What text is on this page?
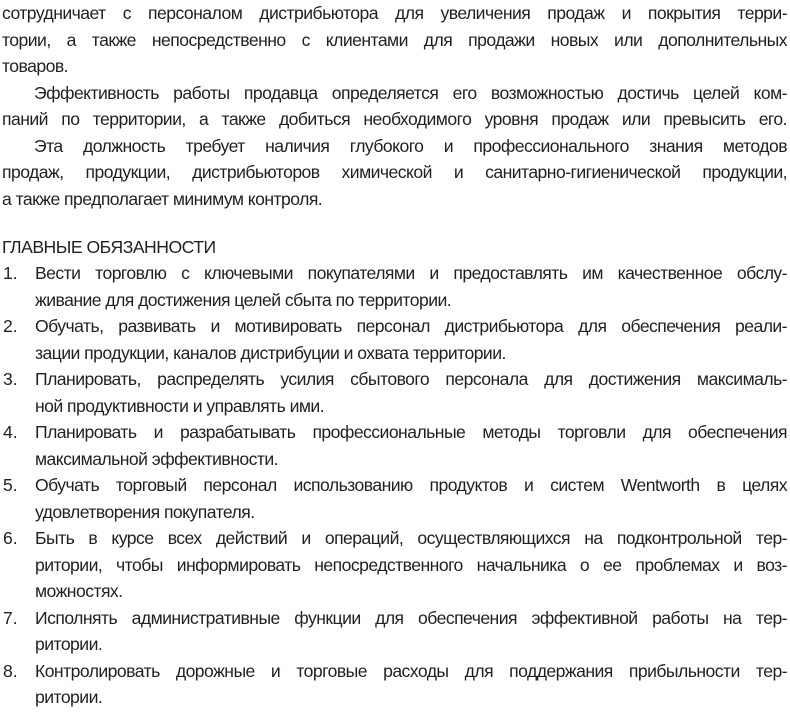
сотрудничает с персоналом дистрибьютора для увеличения продаж и покрытия терри-
тории, а также непосредственно с клиентами для продажи новых или дополнительных
товаров.
Эффективность работы продавца определяется его возможностью достичь целей ком-
паний по территории, а также добиться необходимого уровня продаж или превысить его.
Эта должность требует наличия глубокого и профессионального знания методов
продаж, продукции, дистрибьюторов химической и санитарно-гигиенической продукции,
а также предполагает минимум контроля.
ГЛАВНЫЕ ОБЯЗАННОСТИ
1. Вести торговлю с ключевыми покупателями и предоставлять им качественное обслу-
живание для достижения целей сбыта по территории.
2. Обучать, развивать и мотивировать персонал дистрибьютора для обеспечения реали-
зации продукции, каналов дистрибуции и охвата территории.
3. Планировать, распределять усилия сбытового персонала для достижения максималь-
ной продуктивности и управлять ими.
4. Планировать и разрабатывать профессиональные методы торговли для обеспечения
максимальной эффективности.
5. Обучать торговый персонал использованию продуктов и систем Wentworth в целях
удовлетворения покупателя.
6. Быть в курсе всех действий и операций, осуществляющихся на подконтрольной тер-
ритории, чтобы информировать непосредственного начальника о ее проблемах и воз-
можностях.
7. Исполнять административные функции для обеспечения эффективной работы на тер-
ритории.
8. Контролировать дорожные и торговые расходы для поддержания прибыльности тер-
ритории.
